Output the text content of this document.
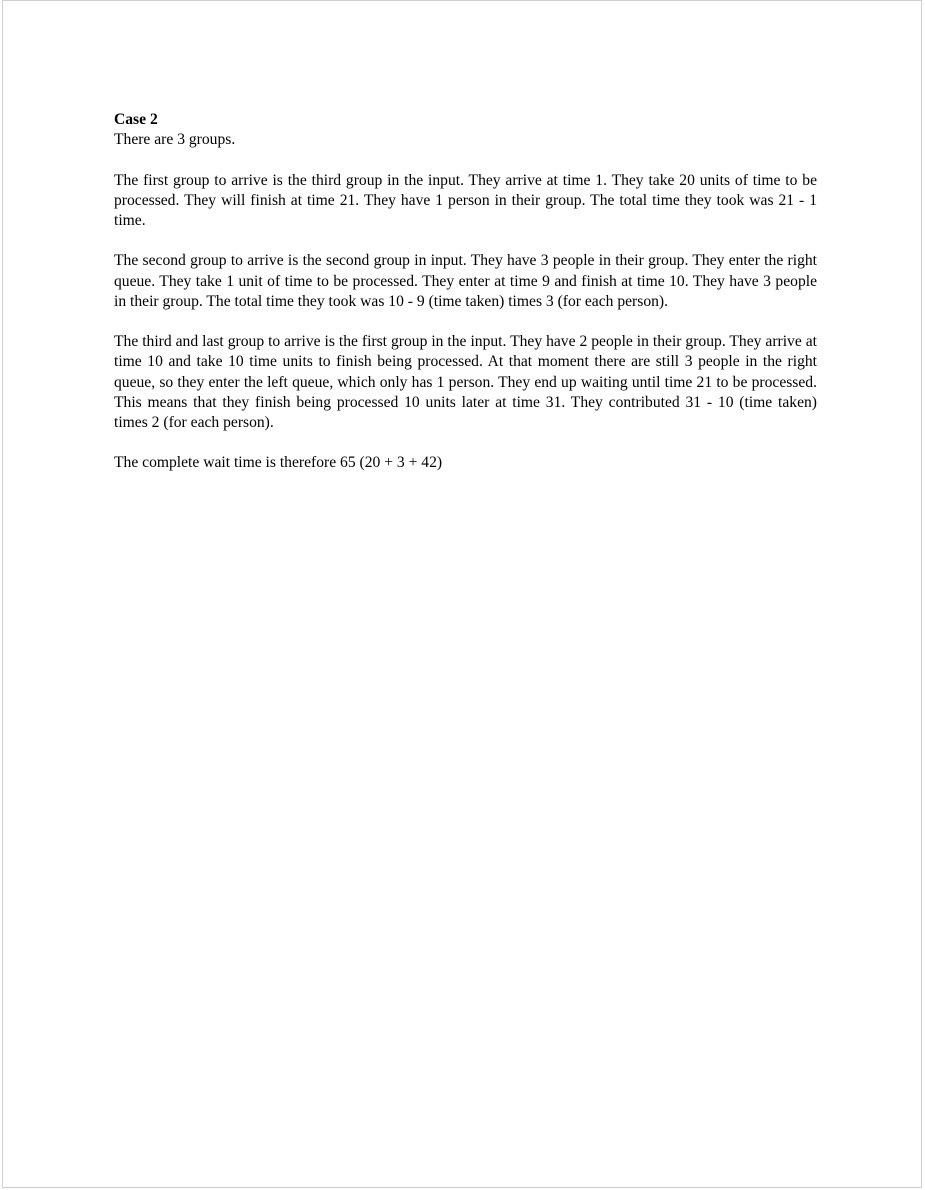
Case 2

There are 3 groups.

The first group to arrive is the third group in the input. They arrive at time 1. They take 20 units of time to be processed. They will finish at time 21. They have 1 person in their group. The total time they took was 21 - 1 time.

The second group to arrive is the second group in input. They have 3 people in their group. They enter the right queue. They take 1 unit of time to be processed. They enter at time 9 and finish at time 10. They have 3 people in their group. The total time they took was 10 - 9 (time taken) times 3 (for each person).

The third and last group to arrive is the first group in the input. They have 2 people in their group. They arrive at time 10 and take 10 time units to finish being processed. At that moment there are still 3 people in the right queue, so they enter the left queue, which only has 1 person. They end up waiting until time 21 to be processed. This means that they finish being processed 10 units later at time 31. They contributed 31 - 10 (time taken) times 2 (for each person).

The complete wait time is therefore 65 (20 + 3 + 42)
